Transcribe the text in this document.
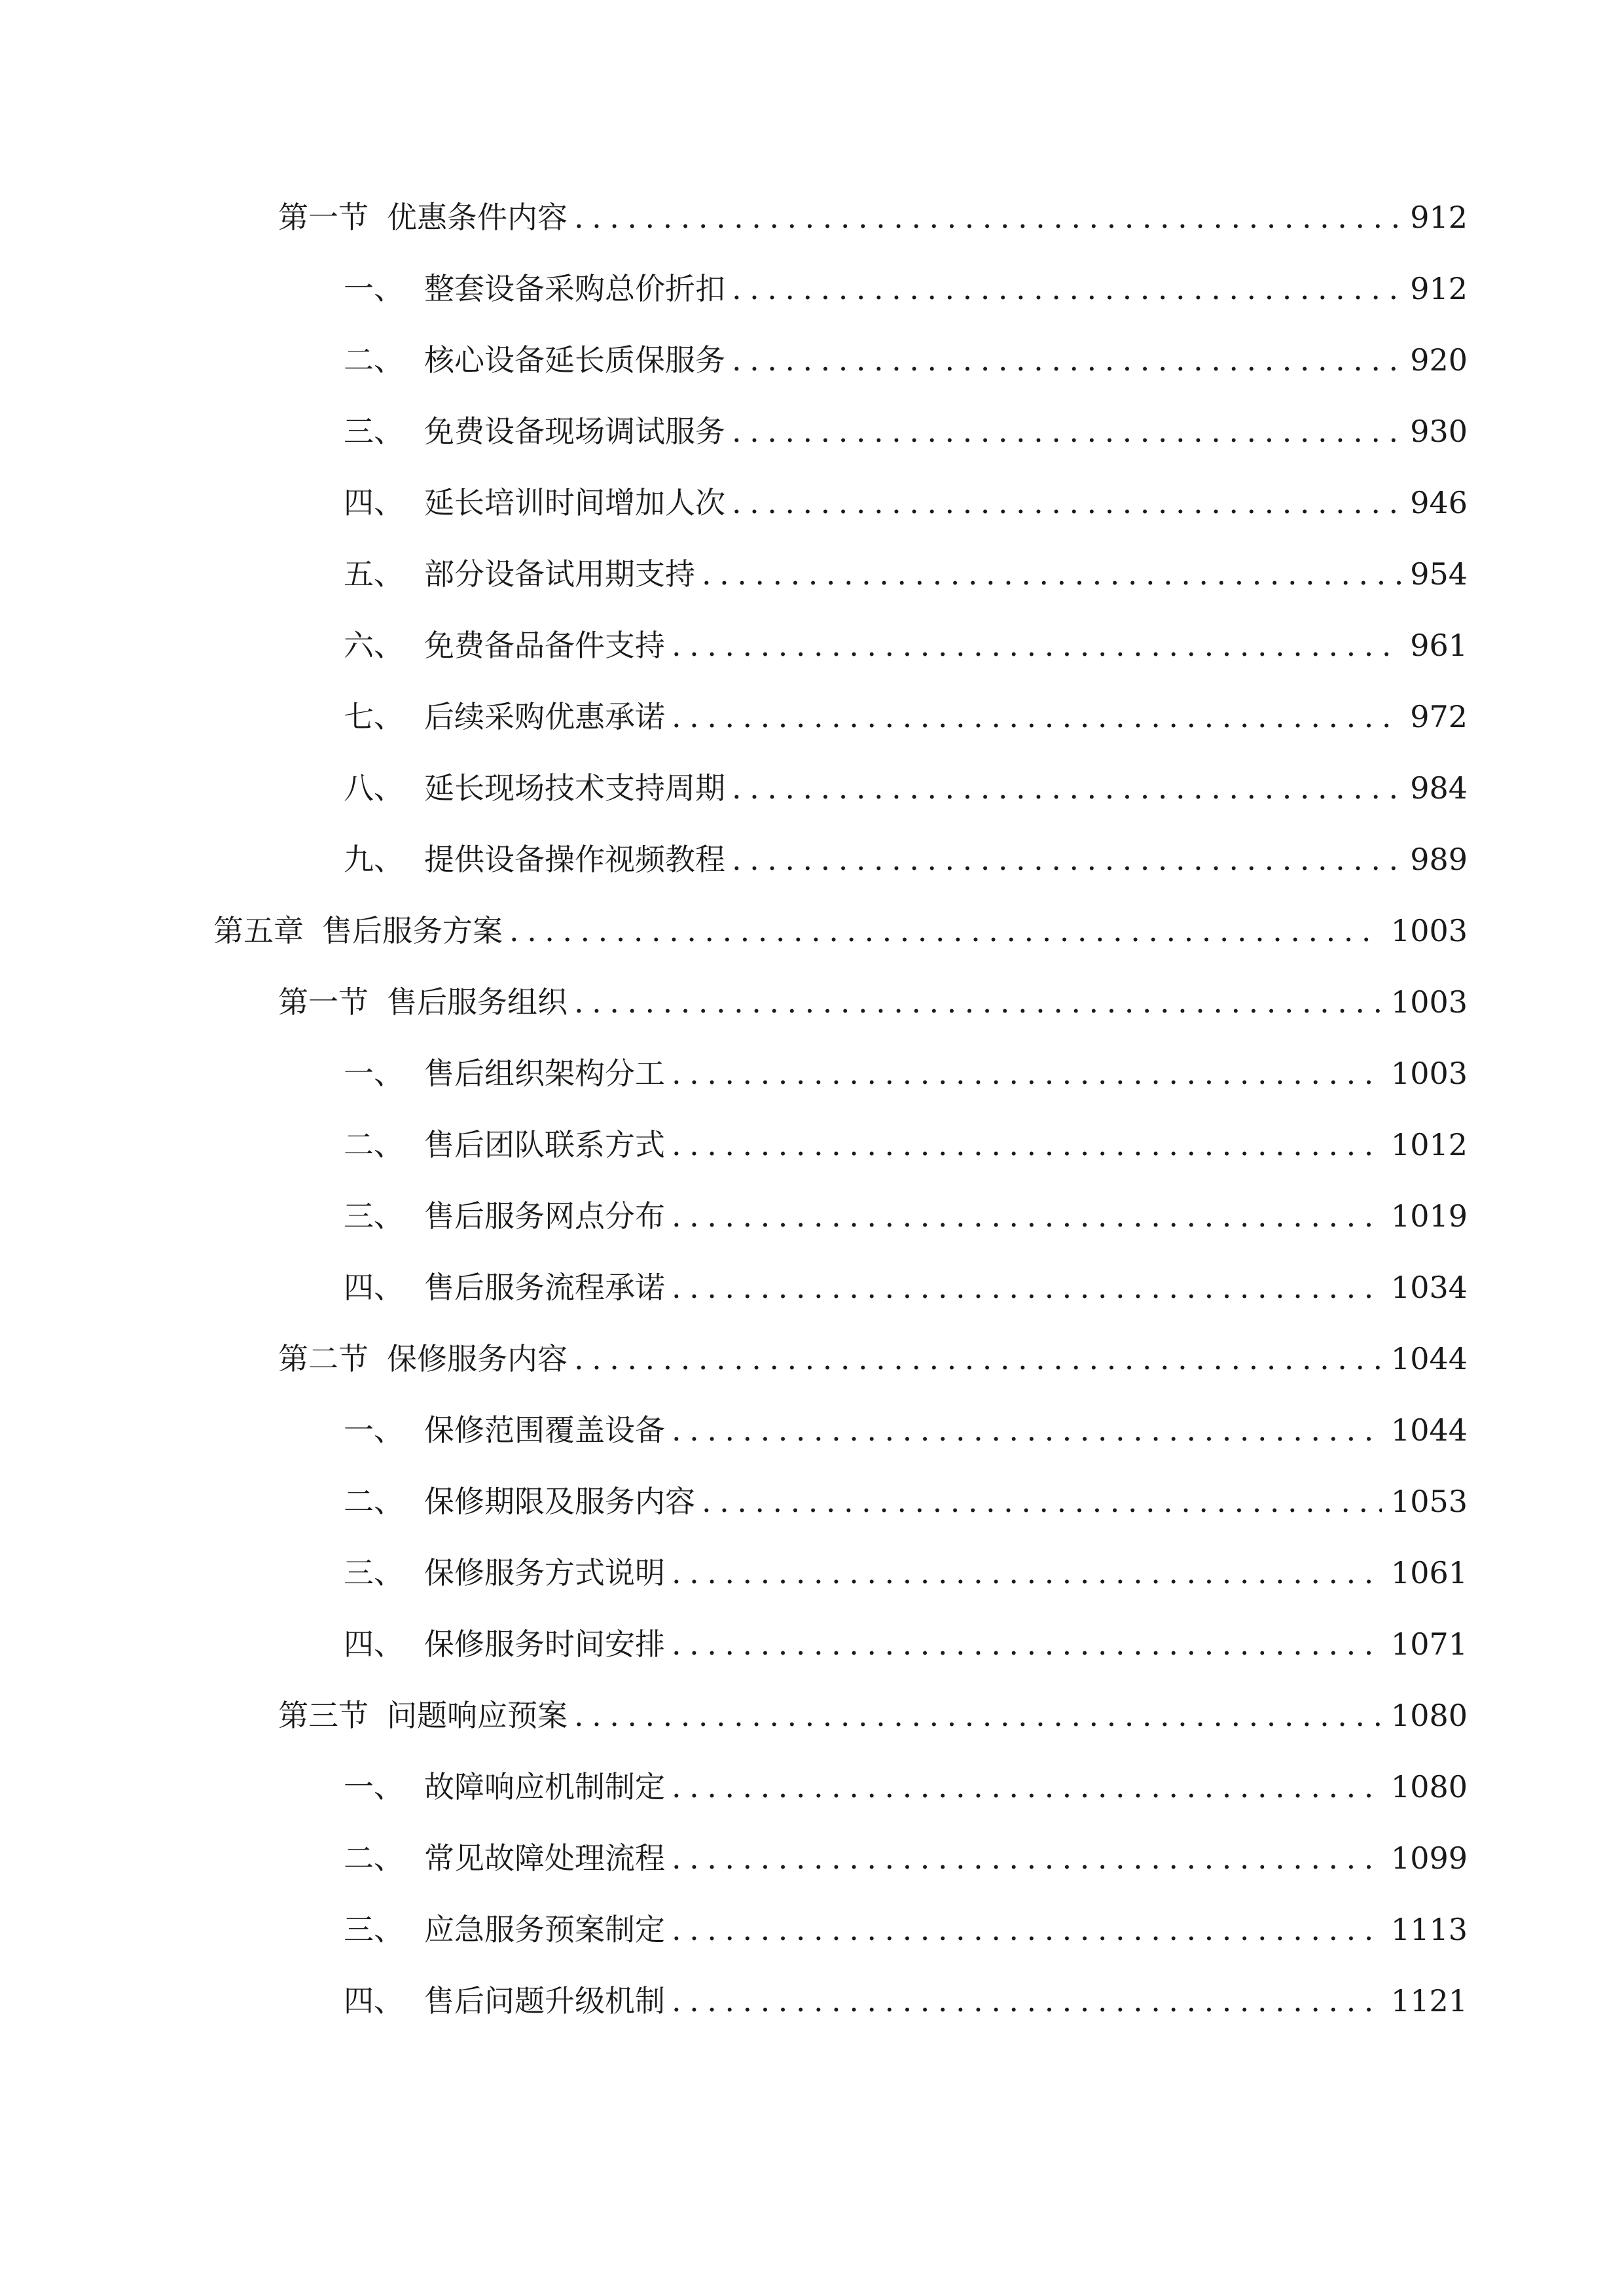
第一节 优惠条件内容 .....	912
一、 整套设备采购总价折扣 .....	912
二、 核心设备延长质保服务 .....	920
三、 免费设备现场调试服务 .....	930
四、 延长培训时间增加人次 .....	946
五、 部分设备试用期支持 .....	954
六、 免费备品备件支持 .....	961
七、 后续采购优惠承诺 .....	972
八、 延长现场技术支持周期 .....	984
九、 提供设备操作视频教程 .....	989
第五章 售后服务方案 .....	1003
第一节 售后服务组织 .....	1003
一、 售后组织架构分工 .....	1003
二、 售后团队联系方式 .....	1012
三、 售后服务网点分布 .....	1019
四、 售后服务流程承诺 .....	1034
第二节 保修服务内容 .....	1044
一、 保修范围覆盖设备 .....	1044
二、 保修期限及服务内容 .....	1053
三、 保修服务方式说明 .....	1061
四、 保修服务时间安排 .....	1071
第三节 问题响应预案 .....	1080
一、 故障响应机制制定 .....	1080
二、 常见故障处理流程 .....	1099
三、 应急服务预案制定 .....	1113
四、 售后问题升级机制 .....	1121
